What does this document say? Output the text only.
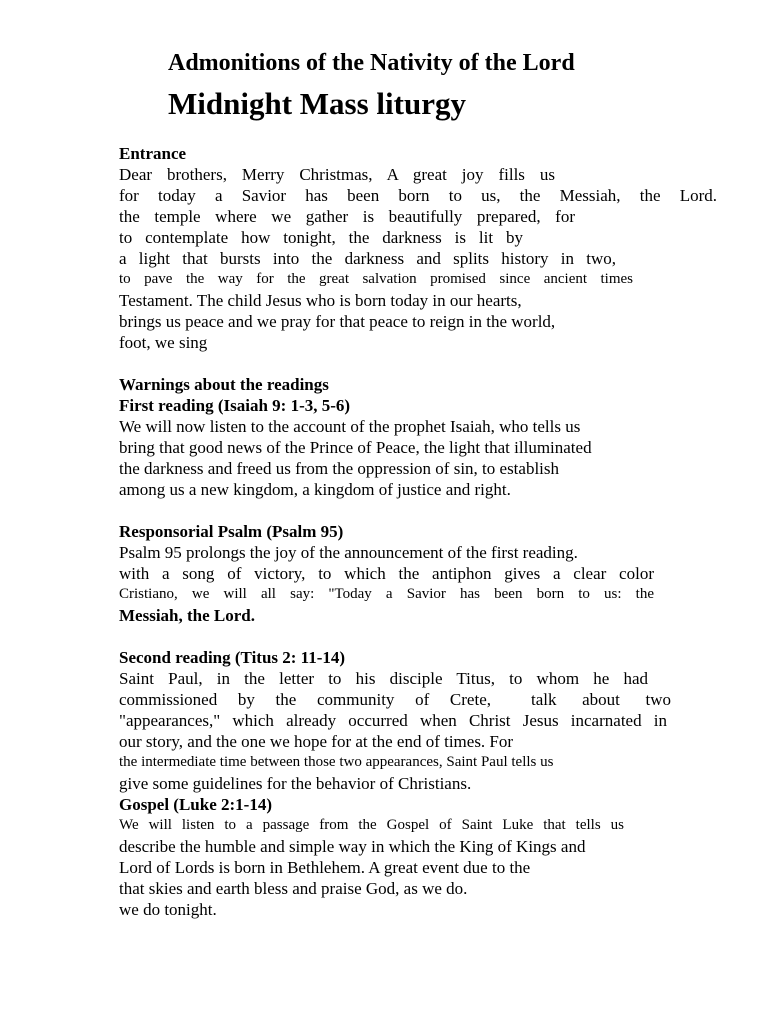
Admonitions of the Nativity of the Lord
Midnight Mass liturgy
Entrance
Dear brothers, Merry Christmas, A great joy fills us
for today a Savior has been born to us, the Messiah, the Lord.
the temple where we gather is beautifully prepared, for
to contemplate how tonight, the darkness is lit by
a light that bursts into the darkness and splits history in two,
to pave the way for the great salvation promised since ancient times
Testament. The child Jesus who is born today in our hearts,
brings us peace and we pray for that peace to reign in the world,
foot, we sing
Warnings about the readings
First reading (Isaiah 9: 1-3, 5-6)
We will now listen to the account of the prophet Isaiah, who tells us
bring that good news of the Prince of Peace, the light that illuminated
the darkness and freed us from the oppression of sin, to establish
among us a new kingdom, a kingdom of justice and right.
Responsorial Psalm (Psalm 95)
Psalm 95 prolongs the joy of the announcement of the first reading.
with a song of victory, to which the antiphon gives a clear color
Cristiano, we will all say: "Today a Savior has been born to us: the
Messiah, the Lord.
Second reading (Titus 2: 11-14)
Saint Paul, in the letter to his disciple Titus, to whom he had
commissioned by the community of Crete, talk about two
"appearances," which already occurred when Christ Jesus incarnated in
our story, and the one we hope for at the end of times. For
the intermediate time between those two appearances, Saint Paul tells us
give some guidelines for the behavior of Christians.
Gospel (Luke 2:1-14)
We will listen to a passage from the Gospel of Saint Luke that tells us
describe the humble and simple way in which the King of Kings and
Lord of Lords is born in Bethlehem. A great event due to the
that skies and earth bless and praise God, as we do.
we do tonight.
